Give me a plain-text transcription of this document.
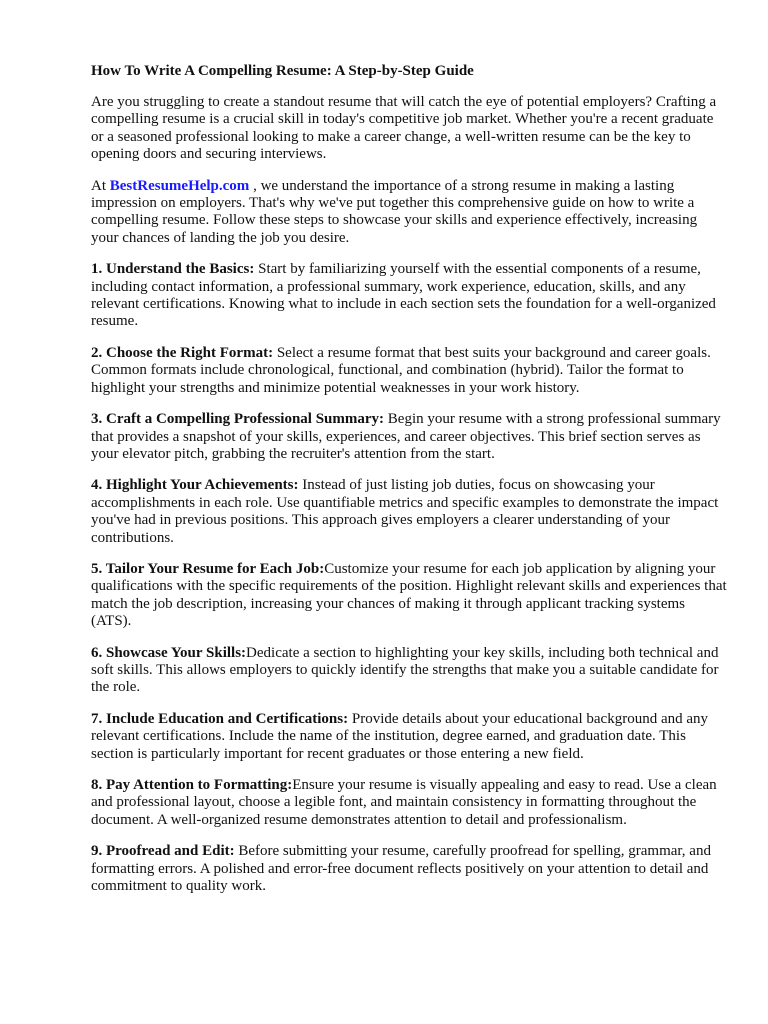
How To Write A Compelling Resume: A Step-by-Step Guide

Are you struggling to create a standout resume that will catch the eye of potential employers? Crafting a compelling resume is a crucial skill in today's competitive job market. Whether you're a recent graduate or a seasoned professional looking to make a career change, a well-written resume can be the key to opening doors and securing interviews.

At BestResumeHelp.com , we understand the importance of a strong resume in making a lasting impression on employers. That's why we've put together this comprehensive guide on how to write a compelling resume. Follow these steps to showcase your skills and experience effectively, increasing your chances of landing the job you desire.

1. Understand the Basics: Start by familiarizing yourself with the essential components of a resume, including contact information, a professional summary, work experience, education, skills, and any relevant certifications. Knowing what to include in each section sets the foundation for a well-organized resume.

2. Choose the Right Format: Select a resume format that best suits your background and career goals. Common formats include chronological, functional, and combination (hybrid). Tailor the format to highlight your strengths and minimize potential weaknesses in your work history.

3. Craft a Compelling Professional Summary: Begin your resume with a strong professional summary that provides a snapshot of your skills, experiences, and career objectives. This brief section serves as your elevator pitch, grabbing the recruiter's attention from the start.

4. Highlight Your Achievements: Instead of just listing job duties, focus on showcasing your accomplishments in each role. Use quantifiable metrics and specific examples to demonstrate the impact you've had in previous positions. This approach gives employers a clearer understanding of your contributions.

5. Tailor Your Resume for Each Job:Customize your resume for each job application by aligning your qualifications with the specific requirements of the position. Highlight relevant skills and experiences that match the job description, increasing your chances of making it through applicant tracking systems (ATS).

6. Showcase Your Skills:Dedicate a section to highlighting your key skills, including both technical and soft skills. This allows employers to quickly identify the strengths that make you a suitable candidate for the role.

7. Include Education and Certifications: Provide details about your educational background and any relevant certifications. Include the name of the institution, degree earned, and graduation date. This section is particularly important for recent graduates or those entering a new field.

8. Pay Attention to Formatting:Ensure your resume is visually appealing and easy to read. Use a clean and professional layout, choose a legible font, and maintain consistency in formatting throughout the document. A well-organized resume demonstrates attention to detail and professionalism.

9. Proofread and Edit: Before submitting your resume, carefully proofread for spelling, grammar, and formatting errors. A polished and error-free document reflects positively on your attention to detail and commitment to quality work.
